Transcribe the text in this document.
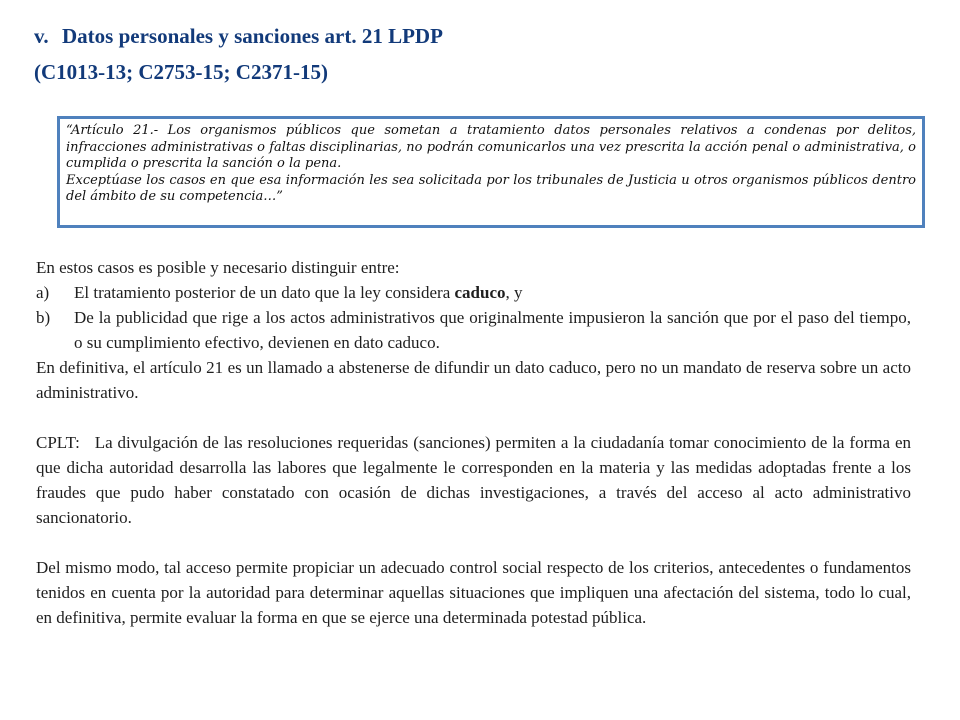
v. Datos personales y sanciones art. 21 LPDP
(C1013-13; C2753-15; C2371-15)
“Artículo 21.- Los organismos públicos que sometan a tratamiento datos personales relativos a condenas por delitos, infracciones administrativas o faltas disciplinarias, no podrán comunicarlos una vez prescrita la acción penal o administrativa, o cumplida o prescrita la sanción o la pena.
Exceptúase los casos en que esa información les sea solicitada por los tribunales de Justicia u otros organismos públicos dentro del ámbito de su competencia…”

En estos casos es posible y necesario distinguir entre:

a)	El tratamiento posterior de un dato que la ley considera caduco, y
b)	De la publicidad que rige a los actos administrativos que originalmente impusieron la sanción que por el paso del tiempo, o su cumplimiento efectivo, devienen en dato caduco.

En definitiva, el artículo 21 es un llamado a abstenerse de difundir un dato caduco, pero no un mandato de reserva sobre un acto administrativo.

CPLT:   La divulgación de las resoluciones requeridas (sanciones) permiten a la ciudadanía tomar conocimiento de la forma en que dicha autoridad desarrolla las labores que legalmente le corresponden en la materia y las medidas adoptadas frente a los fraudes que pudo haber constatado con ocasión de dichas investigaciones, a través del acceso al acto administrativo sancionatorio.

Del mismo modo, tal acceso permite propiciar un adecuado control social respecto de los criterios, antecedentes o fundamentos tenidos en cuenta por la autoridad para determinar aquellas situaciones que impliquen una afectación del sistema, todo lo cual, en definitiva, permite evaluar la forma en que se ejerce una determinada potestad pública.
